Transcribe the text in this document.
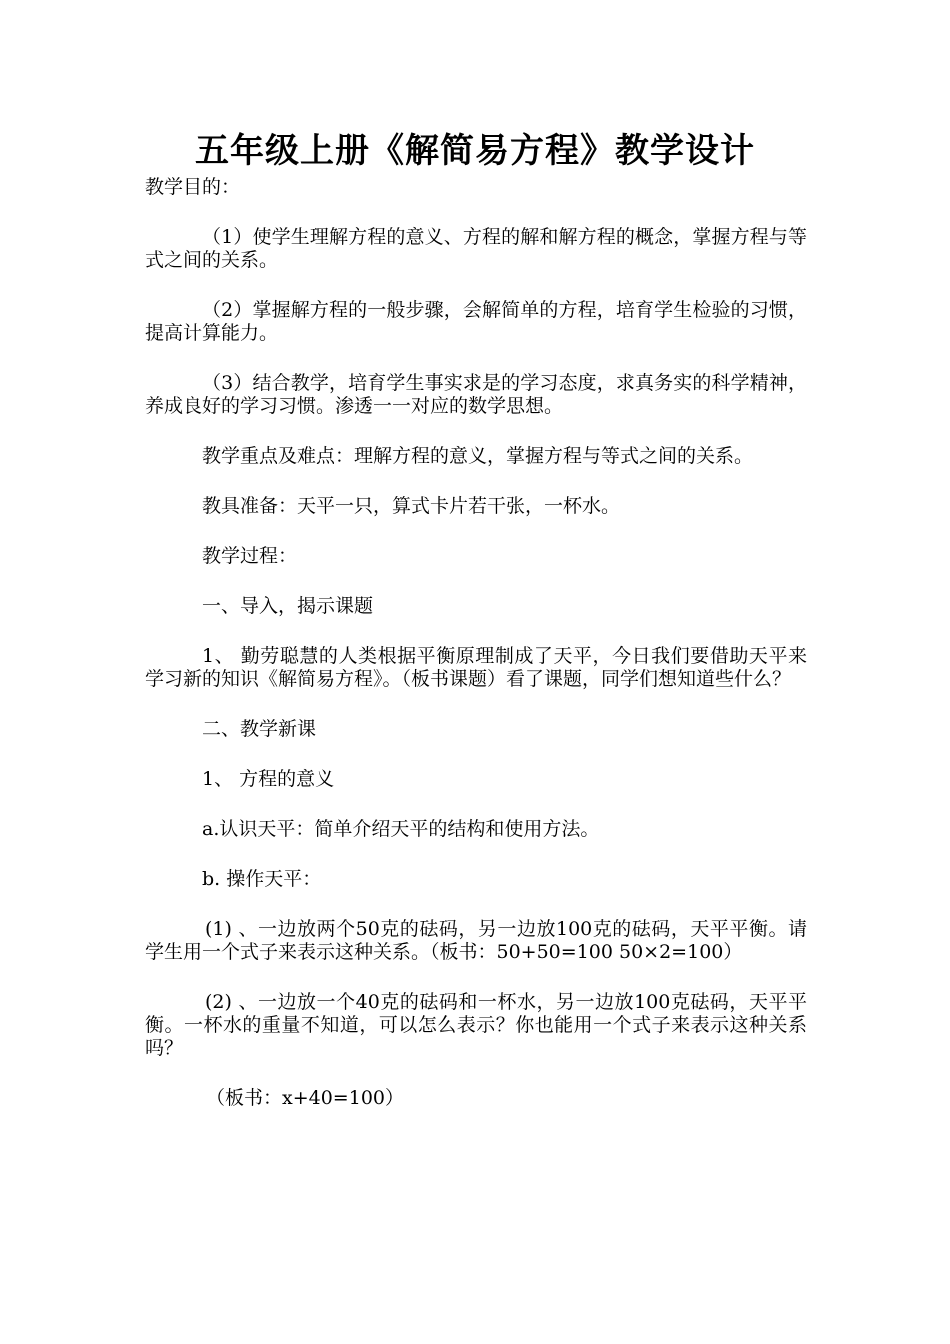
五年级上册《解简易方程》教学设计

教学目的：

（1）使学生理解方程的意义、方程的解和解方程的概念，掌握方程与等式之间的关系。

（2）掌握解方程的一般步骤，会解简单的方程，培育学生检验的习惯，提高计算能力。

（3）结合教学，培育学生事实求是的学习态度，求真务实的科学精神，养成良好的学习习惯。渗透一一对应的数学思想。

教学重点及难点：理解方程的意义，掌握方程与等式之间的关系。

教具准备：天平一只，算式卡片若干张，一杯水。

教学过程：

一、导入，揭示课题

1、 勤劳聪慧的人类根据平衡原理制成了天平，今日我们要借助天平来学习新的知识《解简易方程》。（板书课题）看了课题，同学们想知道些什么？

二、教学新课

1、 方程的意义

a.认识天平：简单介绍天平的结构和使用方法。

b. 操作天平：

(1) 、一边放两个50克的砝码，另一边放100克的砝码，天平平衡。请学生用一个式子来表示这种关系。（板书：50+50=100 50×2=100）

(2) 、一边放一个40克的砝码和一杯水，另一边放100克砝码，天平平衡。一杯水的重量不知道，可以怎么表示？你也能用一个式子来表示这种关系吗？

（板书：x+40=100）
